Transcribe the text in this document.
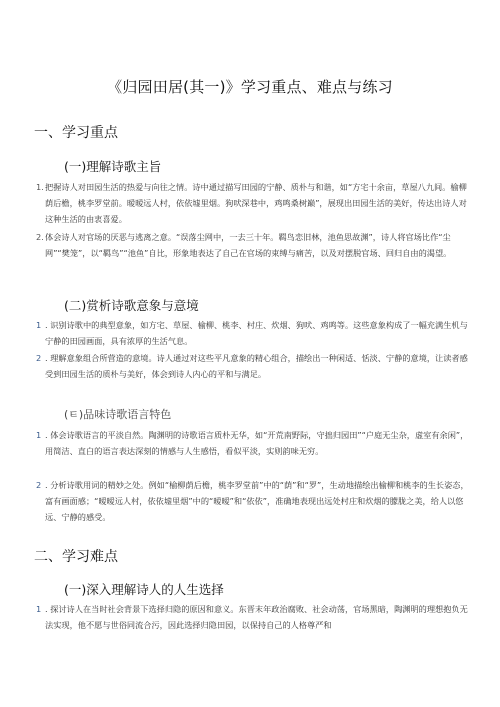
《归园田居(其一)》学习重点、难点与练习
一、学习重点
(一)理解诗歌主旨
1. 把握诗人对田园生活的热爱与向往之情。诗中通过描写田园的宁静、质朴与和谐，如“方宅十余亩，草屋八九间。榆柳荫后檐，桃李罗堂前。暧暧远人村，依依墟里烟。狗吠深巷中，鸡鸣桑树巅”，展现出田园生活的美好，传达出诗人对这种生活的由衷喜爱。
2. 体会诗人对官场的厌恶与逃离之意。“误落尘网中，一去三十年。羁鸟恋旧林，池鱼思故渊”，诗人将官场比作“尘网”“樊笼”，以“羁鸟”“池鱼”自比，形象地表达了自己在官场的束缚与痛苦，以及对摆脱官场、回归自由的渴望。
(二)赏析诗歌意象与意境
1 . 识别诗歌中的典型意象，如方宅、草屋、榆柳、桃李、村庄、炊烟、狗吠、鸡鸣等。这些意象构成了一幅充满生机与宁静的田园画面，具有浓厚的生活气息。
2 . 理解意象组合所营造的意境。诗人通过对这些平凡意象的精心组合，描绘出一种闲适、恬淡、宁静的意境，让读者感受到田园生活的质朴与美好，体会到诗人内心的平和与满足。
(ㅌ)品味诗歌语言特色
1 . 体会诗歌语言的平淡自然。陶渊明的诗歌语言质朴无华，如“开荒南野际，守拙归园田”“户庭无尘杂，虚室有余闲”，用简洁、直白的语言表达深刻的情感与人生感悟，看似平淡，实则韵味无穷。
2 . 分析诗歌用词的精妙之处。例如“榆柳荫后檐，桃李罗堂前”中的“荫”和“罗”，生动地描绘出榆柳和桃李的生长姿态，富有画面感；“暧暧远人村，依依墟里烟”中的“暧暧”和“依依”，准确地表现出远处村庄和炊烟的朦胧之美，给人以悠远、宁静的感受。
二、学习难点
(一)深入理解诗人的人生选择
1 . 探讨诗人在当时社会背景下选择归隐的原因和意义。东晋末年政治腐败、社会动荡，官场黑暗，陶渊明的理想抱负无法实现，他不愿与世俗同流合污，因此选择归隐田园，以保持自己的人格尊严和
